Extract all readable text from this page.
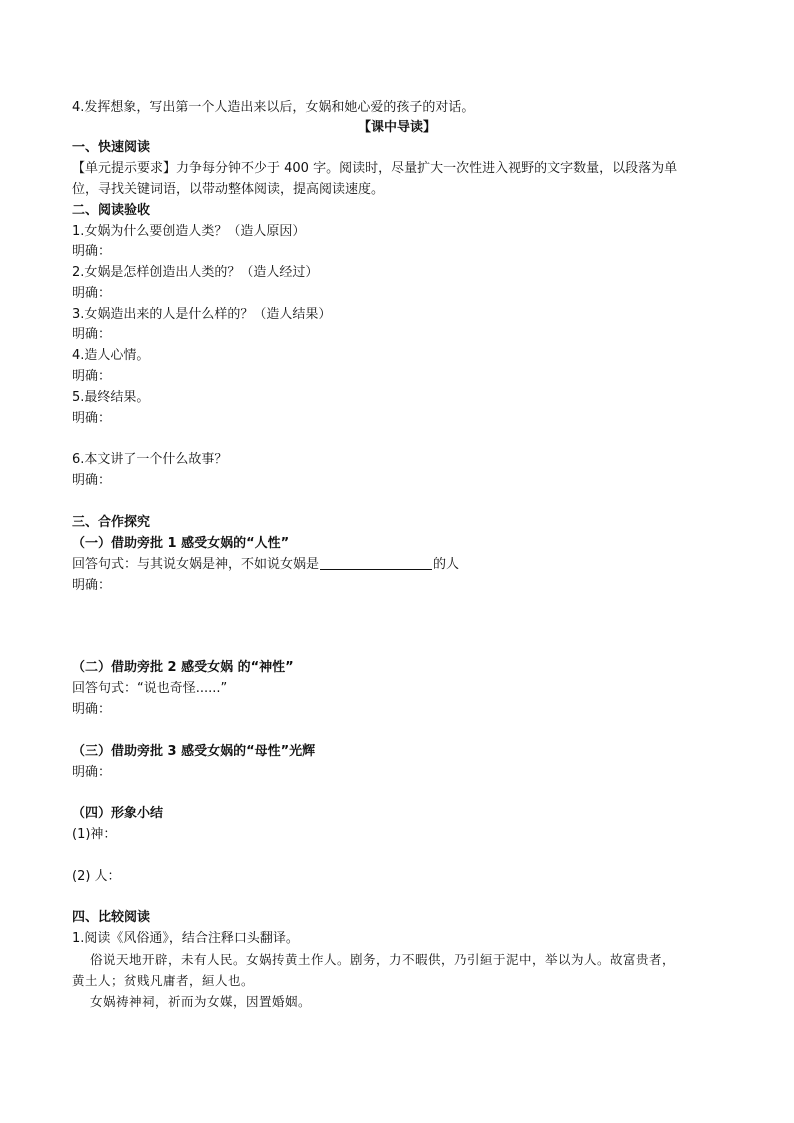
4.发挥想象，写出第一个人造出来以后，女娲和她心爱的孩子的对话。
【课中导读】
一、快速阅读
【单元提示要求】力争每分钟不少于 400 字。阅读时，尽量扩大一次性进入视野的文字数量，以段落为单
位，寻找关键词语，以带动整体阅读，提高阅读速度。
二、阅读验收
1.女娲为什么要创造人类？（造人原因）
明确：
2.女娲是怎样创造出人类的？（造人经过）
明确：
3.女娲造出来的人是什么样的？（造人结果）
明确：
4.造人心情。
明确：
5.最终结果。
明确：
6.本文讲了一个什么故事？
明确：
三、合作探究
（一）借助旁批 1 感受女娲的“人性”
回答句式：与其说女娲是神，不如说女娲是	的人
明确：
（二）借助旁批 2 感受女娲 的“神性”
回答句式：“说也奇怪......”
明确：
（三）借助旁批 3 感受女娲的“母性”光辉
明确：
（四）形象小结
(1)神：
(2) 人：
四、比较阅读
1.阅读《风俗通》，结合注释口头翻译。
俗说天地开辟，未有人民。女娲抟黄土作人。剧务，力不暇供，乃引絙于泥中，举以为人。故富贵者，
黄土人；贫贱凡庸者，絙人也。
女娲祷神祠，祈而为女媒，因置婚姻。
